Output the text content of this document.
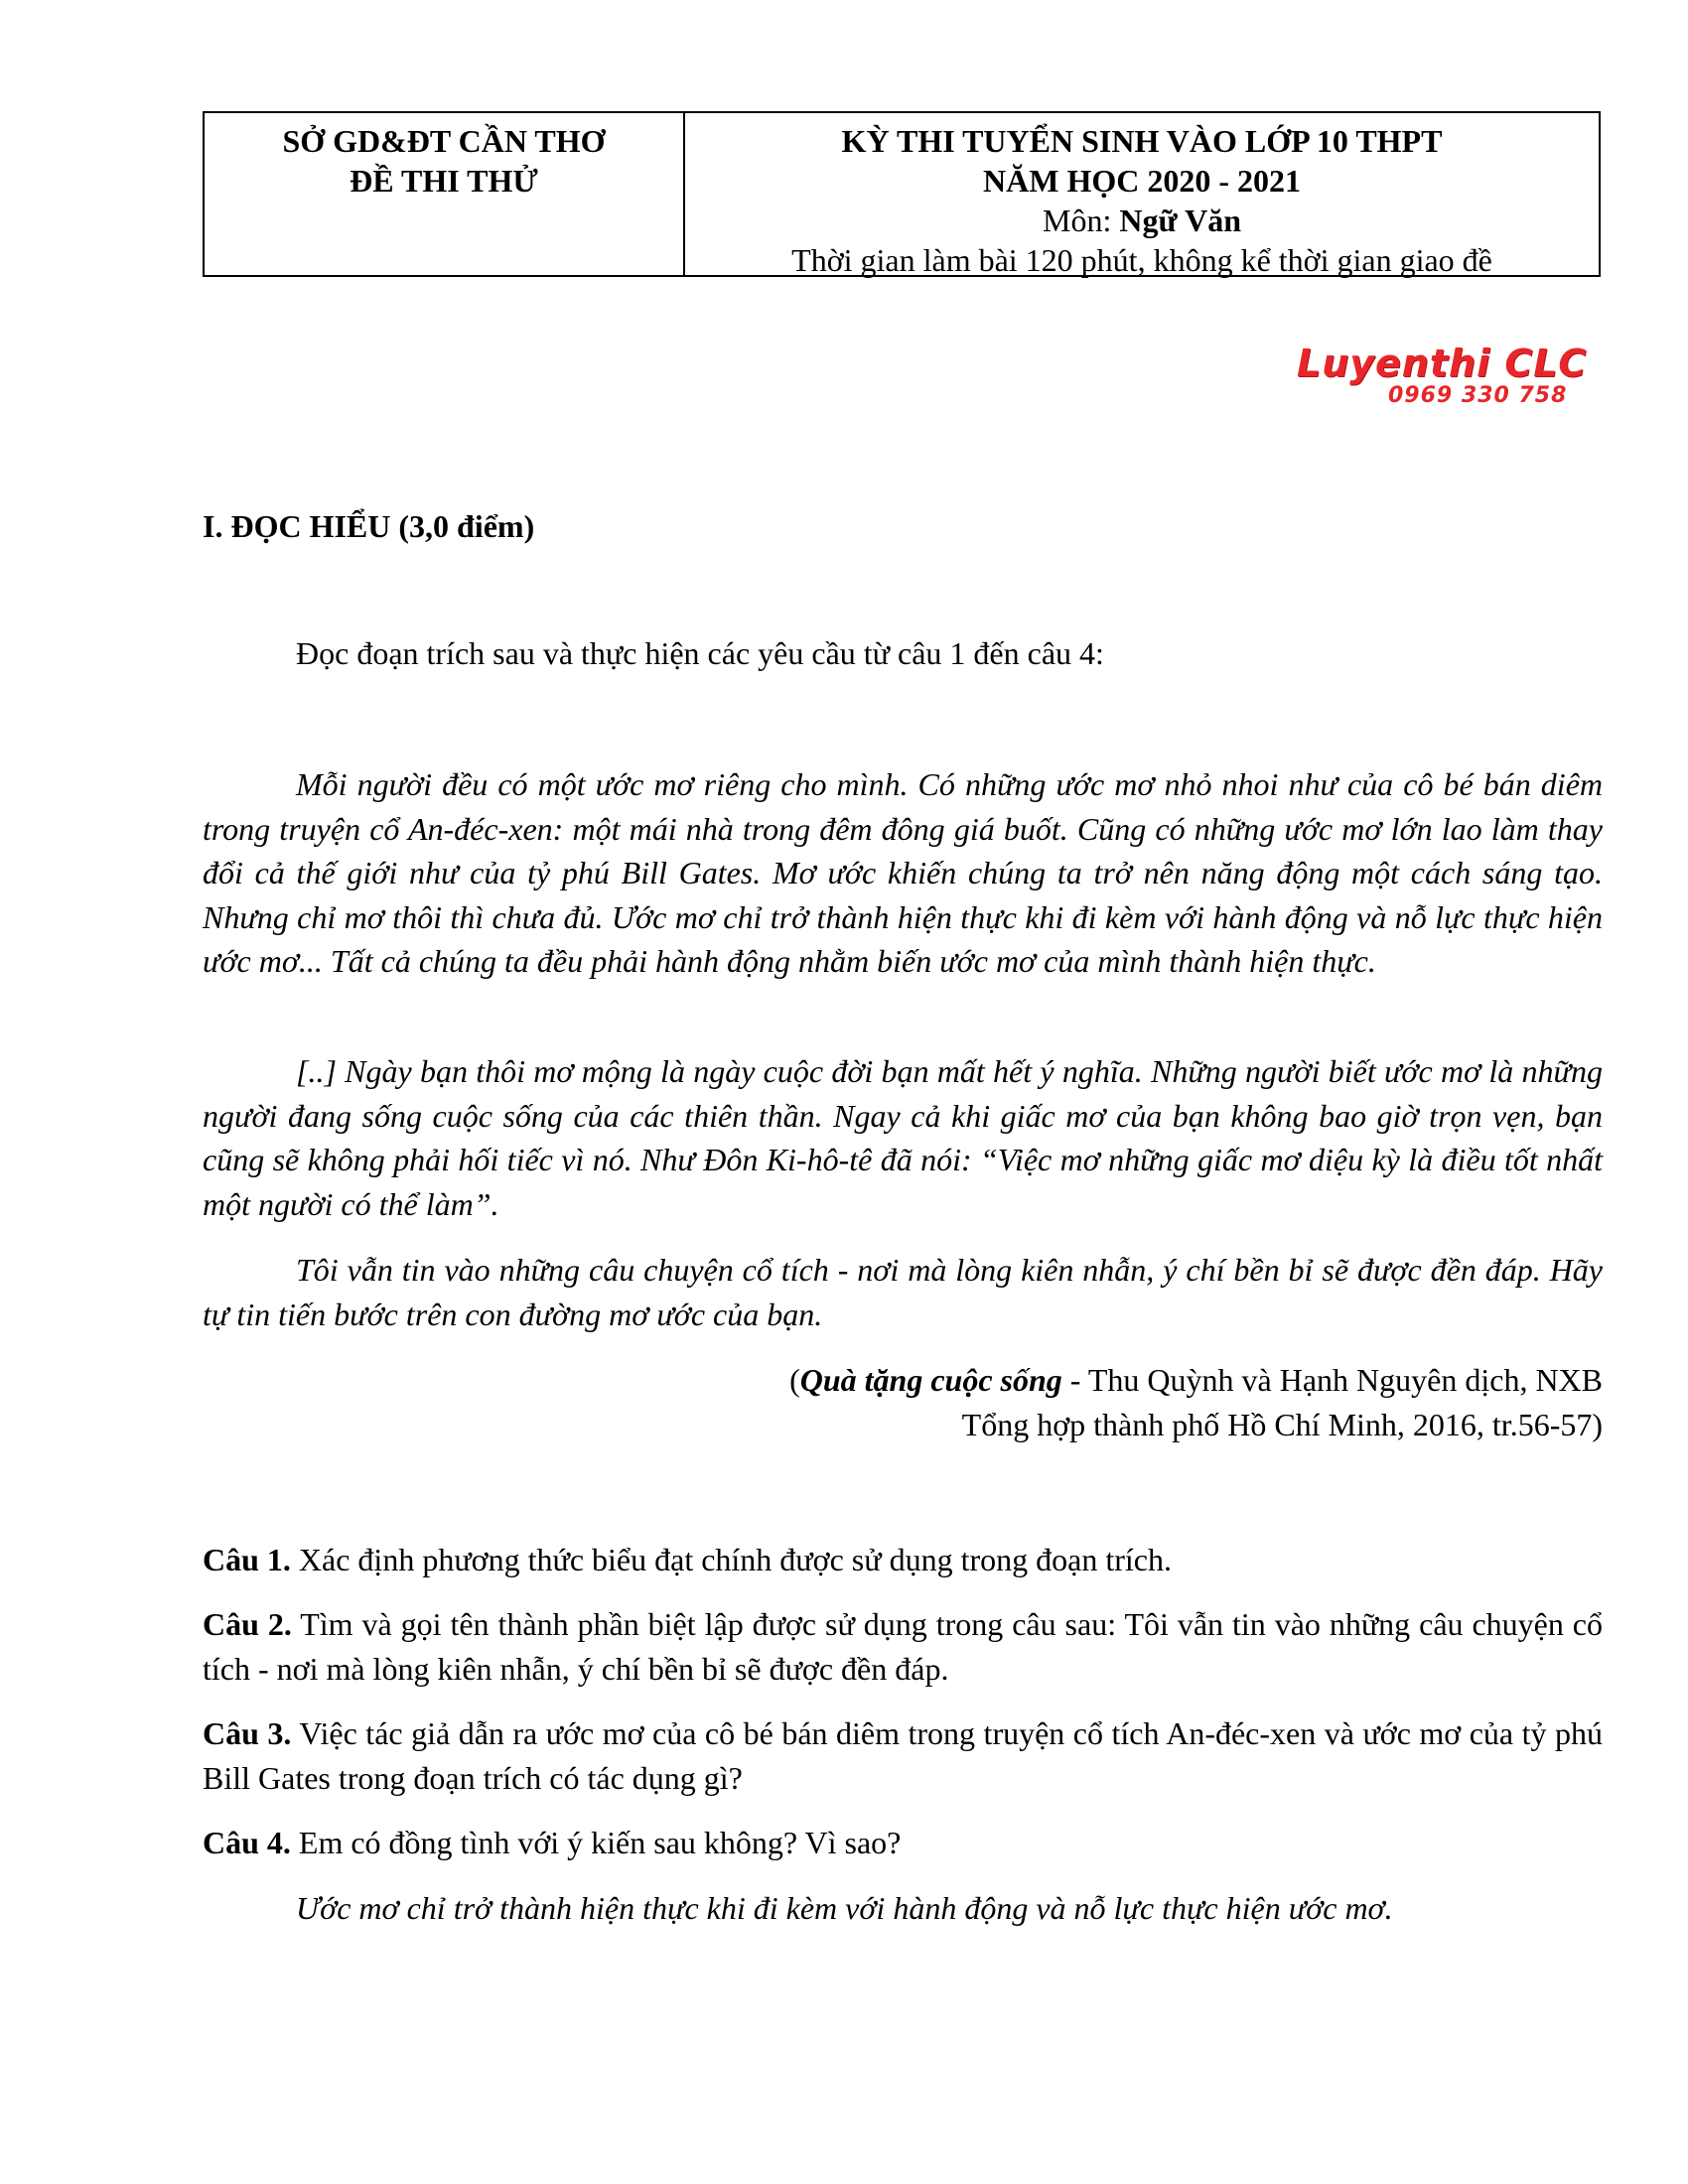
SỞ GD&ĐT CẦN THƠ
ĐỀ THI THỬ
KỲ THI TUYỂN SINH VÀO LỚP 10 THPT
NĂM HỌC 2020 - 2021
Môn: Ngữ Văn
Thời gian làm bài 120 phút, không kể thời gian giao đề
Luyenthi CLC
0969 330 758
I. ĐỌC HIỂU (3,0 điểm)
Đọc đoạn trích sau và thực hiện các yêu cầu từ câu 1 đến câu 4:

Mỗi người đều có một ước mơ riêng cho mình. Có những ước mơ nhỏ nhoi như của cô bé bán diêm trong truyện cổ An-đéc-xen: một mái nhà trong đêm đông giá buốt. Cũng có những ước mơ lớn lao làm thay đổi cả thế giới như của tỷ phú Bill Gates. Mơ ước khiến chúng ta trở nên năng động một cách sáng tạo. Nhưng chỉ mơ thôi thì chưa đủ. Ước mơ chỉ trở thành hiện thực khi đi kèm với hành động và nỗ lực thực hiện ước mơ... Tất cả chúng ta đều phải hành động nhằm biến ước mơ của mình thành hiện thực.

[..] Ngày bạn thôi mơ mộng là ngày cuộc đời bạn mất hết ý nghĩa. Những người biết ước mơ là những người đang sống cuộc sống của các thiên thần. Ngay cả khi giấc mơ của bạn không bao giờ trọn vẹn, bạn cũng sẽ không phải hối tiếc vì nó. Như Đôn Ki-hô-tê đã nói: “Việc mơ những giấc mơ diệu kỳ là điều tốt nhất một người có thể làm”.

Tôi vẫn tin vào những câu chuyện cổ tích - nơi mà lòng kiên nhẫn, ý chí bền bỉ sẽ được đền đáp. Hãy tự tin tiến bước trên con đường mơ ước của bạn.

(Quà tặng cuộc sống - Thu Quỳnh và Hạnh Nguyên dịch, NXB
Tổng hợp thành phố Hồ Chí Minh, 2016, tr.56-57)
Câu 1. Xác định phương thức biểu đạt chính được sử dụng trong đoạn trích.
Câu 2. Tìm và gọi tên thành phần biệt lập được sử dụng trong câu sau: Tôi vẫn tin vào những câu chuyện cổ tích - nơi mà lòng kiên nhẫn, ý chí bền bỉ sẽ được đền đáp.
Câu 3. Việc tác giả dẫn ra ước mơ của cô bé bán diêm trong truyện cổ tích An-đéc-xen và ước mơ của tỷ phú Bill Gates trong đoạn trích có tác dụng gì?
Câu 4. Em có đồng tình với ý kiến sau không? Vì sao?
Ước mơ chỉ trở thành hiện thực khi đi kèm với hành động và nỗ lực thực hiện ước mơ.
